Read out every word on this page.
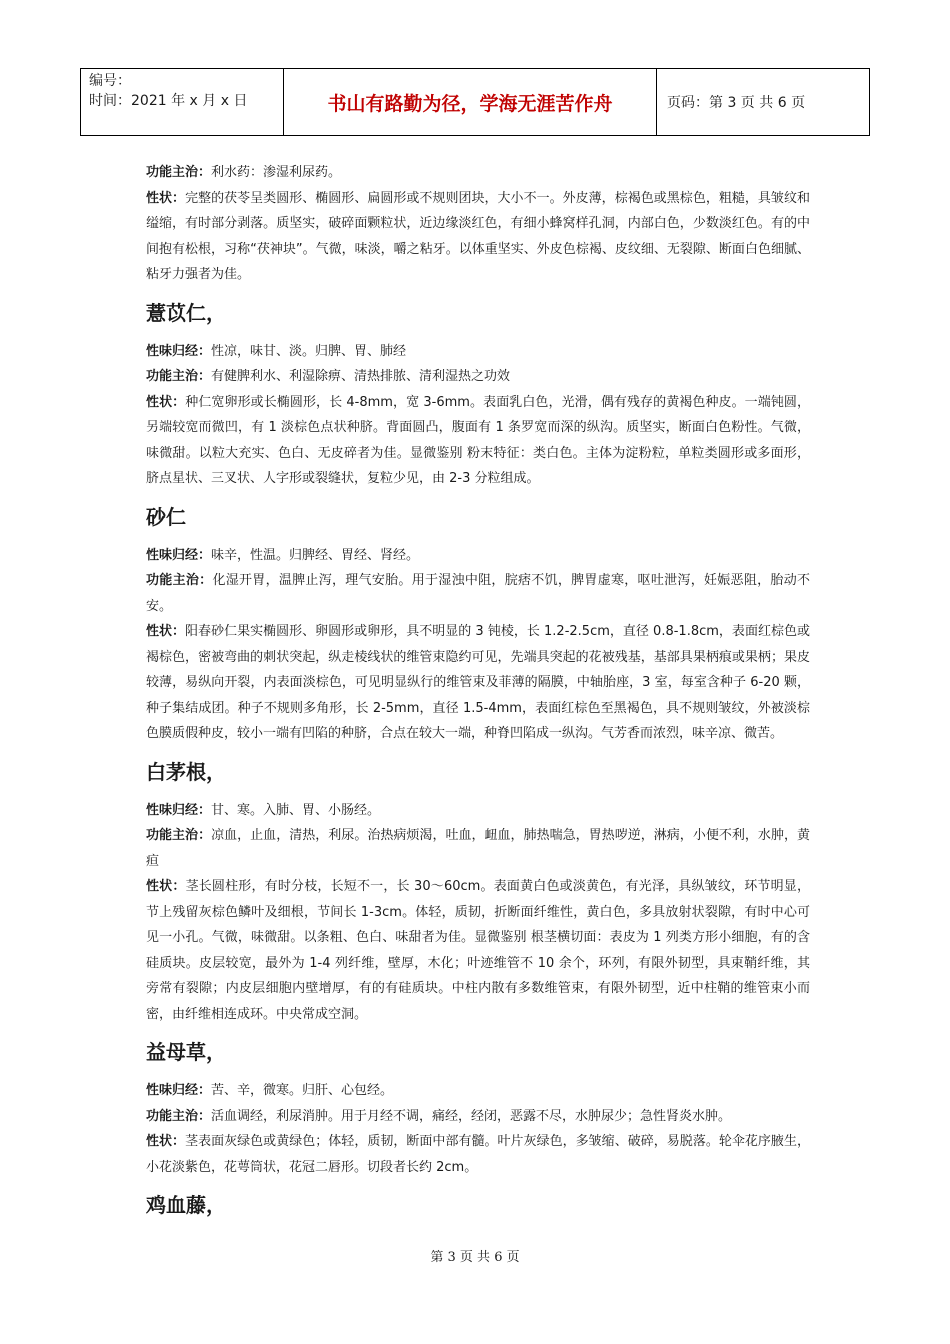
编号：
时间：2021 年 x 月 x 日	书山有路勤为径，学海无涯苦作舟	页码：第 3 页 共 6 页

功能主治：利水药：渗湿利尿药。

性状：完整的茯苓呈类圆形、椭圆形、扁圆形或不规则团块，大小不一。外皮薄，棕褐色或黑棕色，粗糙，具皱纹和缢缩，有时部分剥落。质坚实，破碎面颗粒状，近边缘淡红色，有细小蜂窝样孔洞，内部白色，少数淡红色。有的中间抱有松根，习称“茯神块”。气微，味淡，嚼之粘牙。以体重坚实、外皮色棕褐、皮纹细、无裂隙、断面白色细腻、粘牙力强者为佳。

薏苡仁，

性味归经：性凉，味甘、淡。归脾、胃、肺经

功能主治：有健脾利水、利湿除痹、清热排脓、清利湿热之功效

性状：种仁宽卵形或长椭圆形，长 4-8mm，宽 3-6mm。表面乳白色，光滑，偶有残存的黄褐色种皮。一端钝圆，另端较宽而微凹，有 1 淡棕色点状种脐。背面圆凸，腹面有 1 条罗宽而深的纵沟。质坚实，断面白色粉性。气微，味微甜。以粒大充实、色白、无皮碎者为佳。显微鉴别 粉末特征：类白色。主体为淀粉粒，单粒类圆形或多面形，脐点星状、三叉状、人字形或裂缝状，复粒少见，由 2-3 分粒组成。

砂仁

性味归经：味辛，性温。归脾经、胃经、肾经。

功能主治：化湿开胃，温脾止泻，理气安胎。用于湿浊中阻，脘痞不饥，脾胃虚寒，呕吐泄泻，妊娠恶阻，胎动不安。

性状：阳春砂仁果实椭圆形、卵圆形或卵形，具不明显的 3 钝棱，长 1.2-2.5cm，直径 0.8-1.8cm，表面红棕色或褐棕色，密被弯曲的刺状突起，纵走棱线状的维管束隐约可见，先端具突起的花被残基，基部具果柄痕或果柄；果皮较薄，易纵向开裂，内表面淡棕色，可见明显纵行的维管束及菲薄的隔膜，中轴胎座，3 室，每室含种子 6-20 颗，种子集结成团。种子不规则多角形，长 2-5mm，直径 1.5-4mm，表面红棕色至黑褐色，具不规则皱纹，外被淡棕色膜质假种皮，较小一端有凹陷的种脐，合点在较大一端，种脊凹陷成一纵沟。气芳香而浓烈，味辛凉、微苦。

白茅根，

性味归经：甘、寒。入肺、胃、小肠经。

功能主治：凉血，止血，清热，利尿。治热病烦渴，吐血，衄血，肺热喘急，胃热哕逆，淋病，小便不利，水肿，黄疸

性状：茎长圆柱形，有时分枝，长短不一，长 30～60cm。表面黄白色或淡黄色，有光泽，具纵皱纹，环节明显，节上残留灰棕色鳞叶及细根，节间长 1-3cm。体轻，质韧，折断面纤维性，黄白色，多具放射状裂隙，有时中心可见一小孔。气微，味微甜。以条粗、色白、味甜者为佳。显微鉴别 根茎横切面：表皮为 1 列类方形小细胞，有的含硅质块。皮层较宽，最外为 1-4 列纤维，壁厚，木化；叶迹维管不 10 余个，环列，有限外韧型，具束鞘纤维，其旁常有裂隙；内皮层细胞内壁增厚，有的有硅质块。中柱内散有多数维管束，有限外韧型，近中柱鞘的维管束小而密，由纤维相连成环。中央常成空洞。

益母草，

性味归经：苦、辛，微寒。归肝、心包经。

功能主治：活血调经，利尿消肿。用于月经不调，痛经，经闭，恶露不尽，水肿尿少；急性肾炎水肿。

性状：茎表面灰绿色或黄绿色；体轻，质韧，断面中部有髓。叶片灰绿色，多皱缩、破碎，易脱落。轮伞花序腋生，小花淡紫色，花萼筒状，花冠二唇形。切段者长约 2cm。

鸡血藤，
第 3 页 共 6 页
